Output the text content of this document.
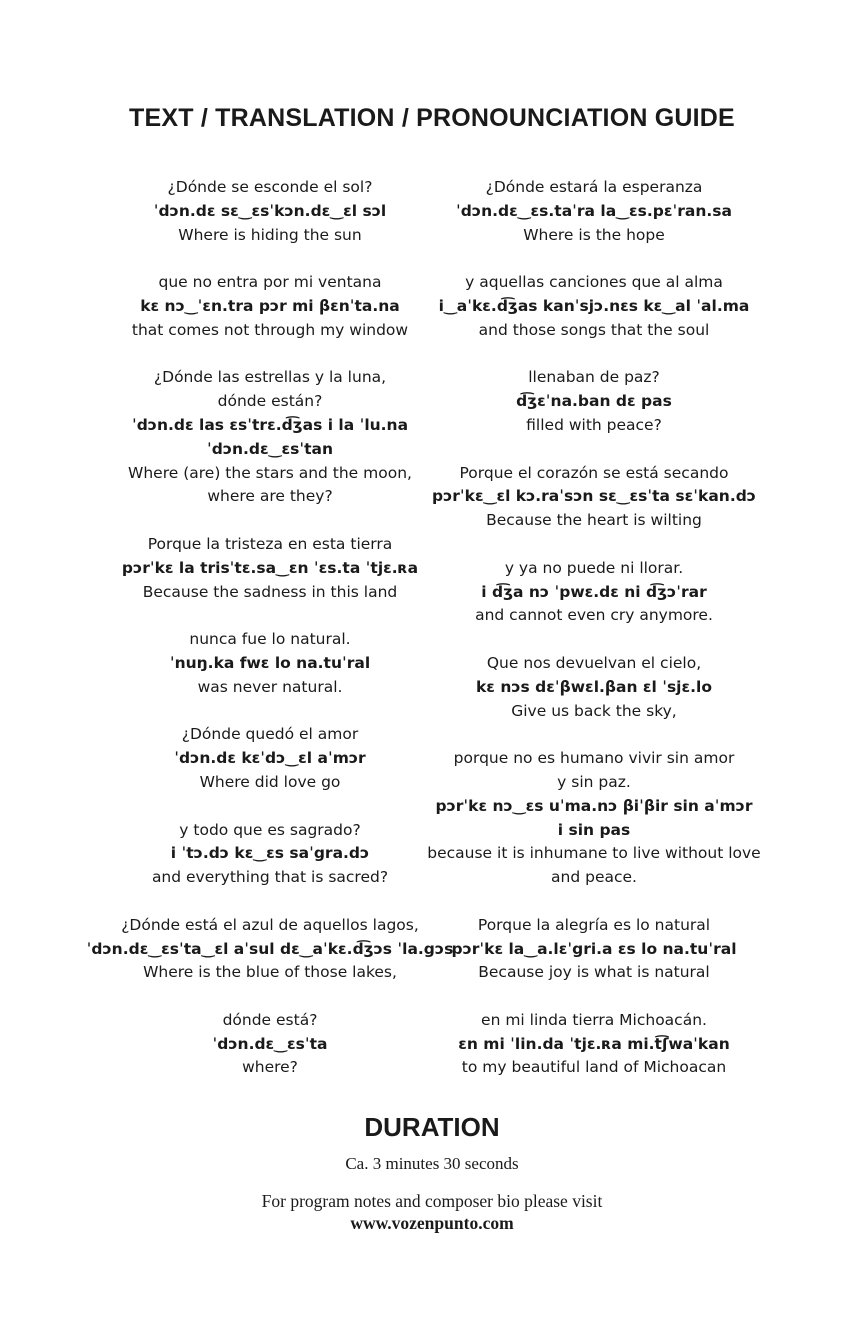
TEXT / TRANSLATION / PRONOUNCIATION GUIDE
¿Dónde se esconde el sol?
ˈdɔn.dɛ sɛ‿ɛsˈkɔn.dɛ‿ɛl sɔl
Where is hiding the sun
que no entra por mi ventana
kɛ nɔ‿ˈɛn.tra pɔr mi βɛnˈta.na
that comes not through my window
¿Dónde las estrellas y la luna,
dónde están?
ˈdɔn.dɛ las ɛsˈtrɛ.d͡ʒas i la ˈlu.na
ˈdɔn.dɛ‿ɛsˈtan
Where (are) the stars and the moon,
where are they?
Porque la tristeza en esta tierra
pɔrˈkɛ la trisˈtɛ.sa‿ɛn ˈɛs.ta ˈtjɛ.ʀa
Because the sadness in this land
nunca fue lo natural.
ˈnuŋ.ka fwɛ lo na.tuˈral
was never natural.
¿Dónde quedó el amor
ˈdɔn.dɛ kɛˈdɔ‿ɛl aˈmɔr
Where did love go
y todo que es sagrado?
i ˈtɔ.dɔ kɛ‿ɛs saˈgra.dɔ
and everything that is sacred?
¿Dónde está el azul de aquellos lagos,
ˈdɔn.dɛ‿ɛsˈta‿ɛl aˈsul dɛ‿aˈkɛ.d͡ʒɔs ˈla.gɔs
Where is the blue of those lakes,
dónde está?
ˈdɔn.dɛ‿ɛsˈta
where?
¿Dónde estará la esperanza
ˈdɔn.dɛ‿ɛs.taˈra la‿ɛs.pɛˈran.sa
Where is the hope
y aquellas canciones que al alma
i‿aˈkɛ.d͡ʒas kanˈsjɔ.nɛs kɛ‿al ˈal.ma
and those songs that the soul
llenaban de paz?
d͡ʒɛˈna.ban dɛ pas
filled with peace?
Porque el corazón se está secando
pɔrˈkɛ‿ɛl kɔ.raˈsɔn sɛ‿ɛsˈta sɛˈkan.dɔ
Because the heart is wilting
y ya no puede ni llorar.
i d͡ʒa nɔ ˈpwɛ.dɛ ni d͡ʒɔˈrar
and cannot even cry anymore.
Que nos devuelvan el cielo,
kɛ nɔs dɛˈβwɛl.βan ɛl ˈsjɛ.lo
Give us back the sky,
porque no es humano vivir sin amor
y sin paz.
pɔrˈkɛ nɔ‿ɛs uˈma.nɔ βiˈβir sin aˈmɔr
i sin pas
because it is inhumane to live without love
and peace.
Porque la alegría es lo natural
pɔrˈkɛ la‿a.lɛˈgri.a ɛs lo na.tuˈral
Because joy is what is natural
en mi linda tierra Michoacán.
ɛn mi ˈlin.da ˈtjɛ.ʀa mi.t͡ʃwaˈkan
to my beautiful land of Michoacan
DURATION
Ca. 3 minutes 30 seconds
For program notes and composer bio please visit
www.vozenpunto.com
